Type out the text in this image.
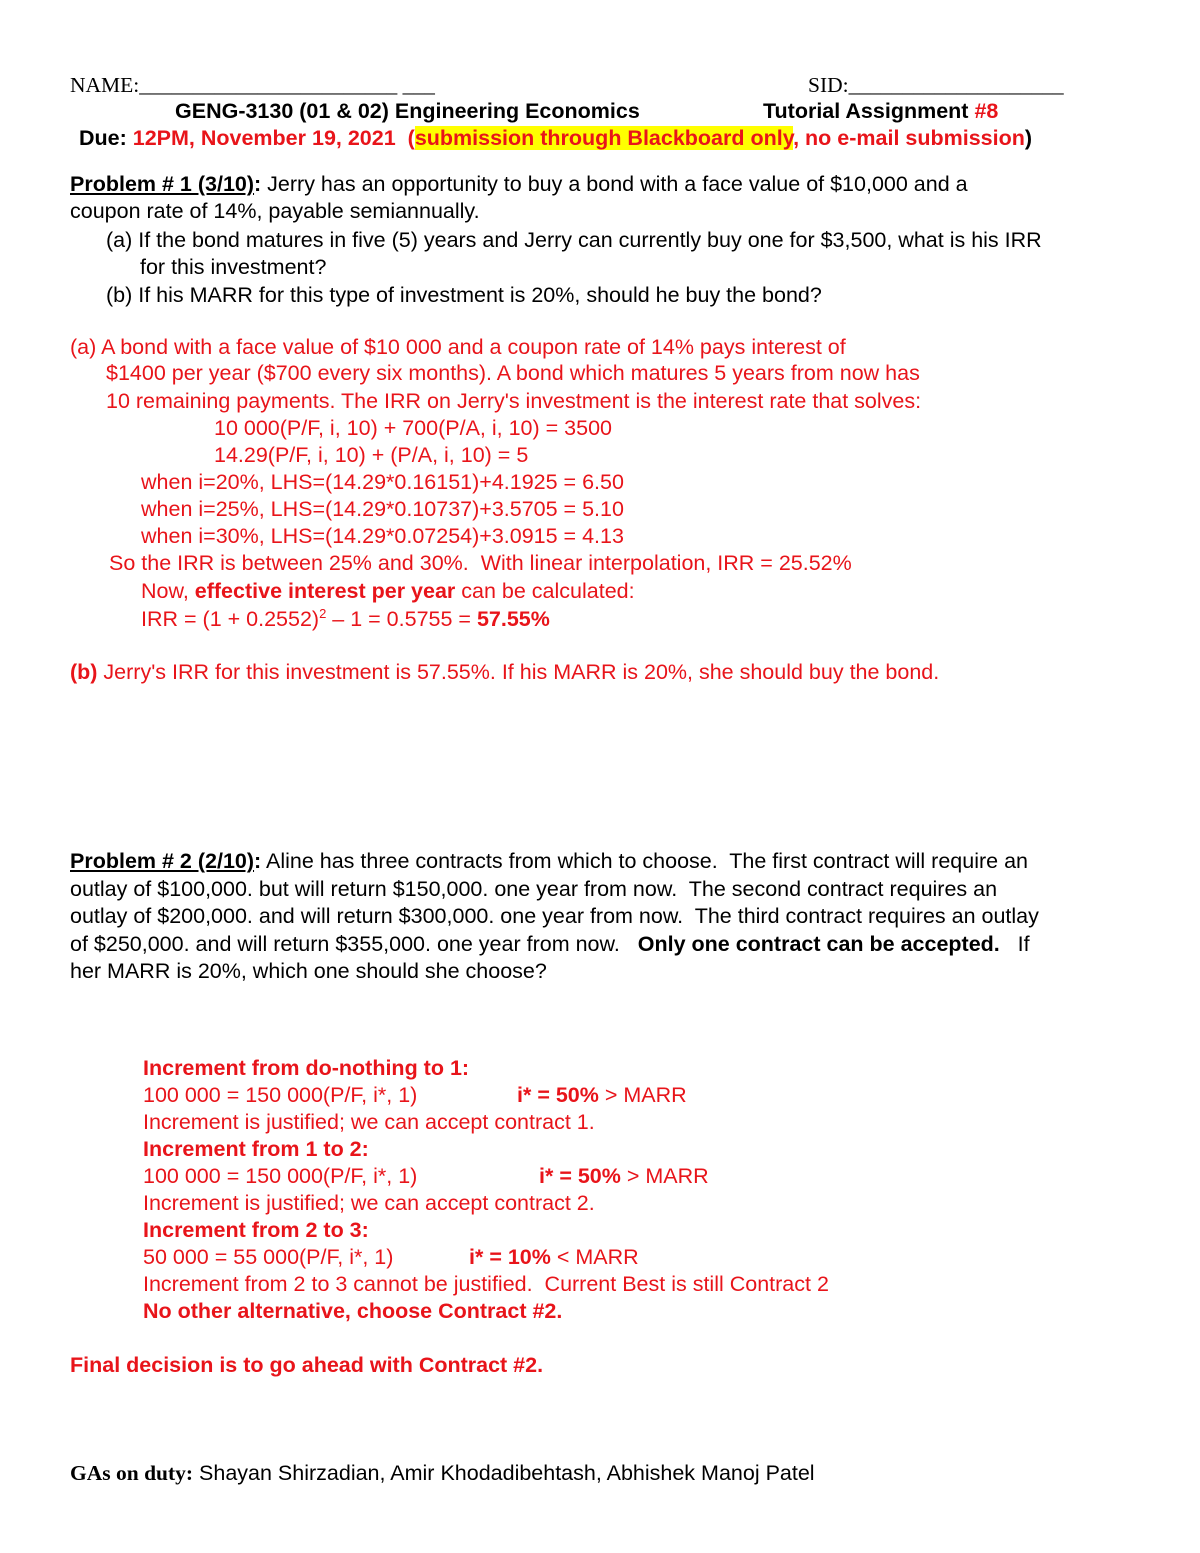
NAME:________________________ ___	SID:____________________
GENG-3130 (01 & 02) Engineering Economics	Tutorial Assignment #8
Due: 12PM, November 19, 2021 (submission through Blackboard only, no e-mail submission)
Problem # 1 (3/10): Jerry has an opportunity to buy a bond with a face value of $10,000 and a
coupon rate of 14%, payable semiannually.
(a) If the bond matures in five (5) years and Jerry can currently buy one for $3,500, what is his IRR
for this investment?
(b) If his MARR for this type of investment is 20%, should he buy the bond?
(a) A bond with a face value of $10 000 and a coupon rate of 14% pays interest of
$1400 per year ($700 every six months). A bond which matures 5 years from now has
10 remaining payments. The IRR on Jerry's investment is the interest rate that solves:
10 000(P/F, i, 10) + 700(P/A, i, 10) = 3500
14.29(P/F, i, 10) + (P/A, i, 10) = 5
when i=20%, LHS=(14.29*0.16151)+4.1925 = 6.50
when i=25%, LHS=(14.29*0.10737)+3.5705 = 5.10
when i=30%, LHS=(14.29*0.07254)+3.0915 = 4.13
So the IRR is between 25% and 30%.  With linear interpolation, IRR = 25.52%
Now, effective interest per year can be calculated:
IRR = $(1 + 0.2552)^2 - 1 = 0.5755 = 57.55\%$
(b) Jerry's IRR for this investment is 57.55%. If his MARR is 20%, she should buy the bond.
Problem # 2 (2/10): Aline has three contracts from which to choose.  The first contract will require an
outlay of $100,000. but will return $150,000. one year from now.  The second contract requires an
outlay of $200,000. and will return $300,000. one year from now.  The third contract requires an outlay
of $250,000. and will return $355,000. one year from now.   Only one contract can be accepted.   If
her MARR is 20%, which one should she choose?
Increment from do-nothing to 1:
100 000 = 150 000(P/F, i*, 1)	i* = 50% > MARR
Increment is justified; we can accept contract 1.
Increment from 1 to 2:
100 000 = 150 000(P/F, i*, 1)	i* = 50% > MARR
Increment is justified; we can accept contract 2.
Increment from 2 to 3:
50 000 = 55 000(P/F, i*, 1)	i* = 10% < MARR
Increment from 2 to 3 cannot be justified.  Current Best is still Contract 2
No other alternative, choose Contract #2.
Final decision is to go ahead with Contract #2.
GAs on duty: Shayan Shirzadian, Amir Khodadibehtash, Abhishek Manoj Patel
